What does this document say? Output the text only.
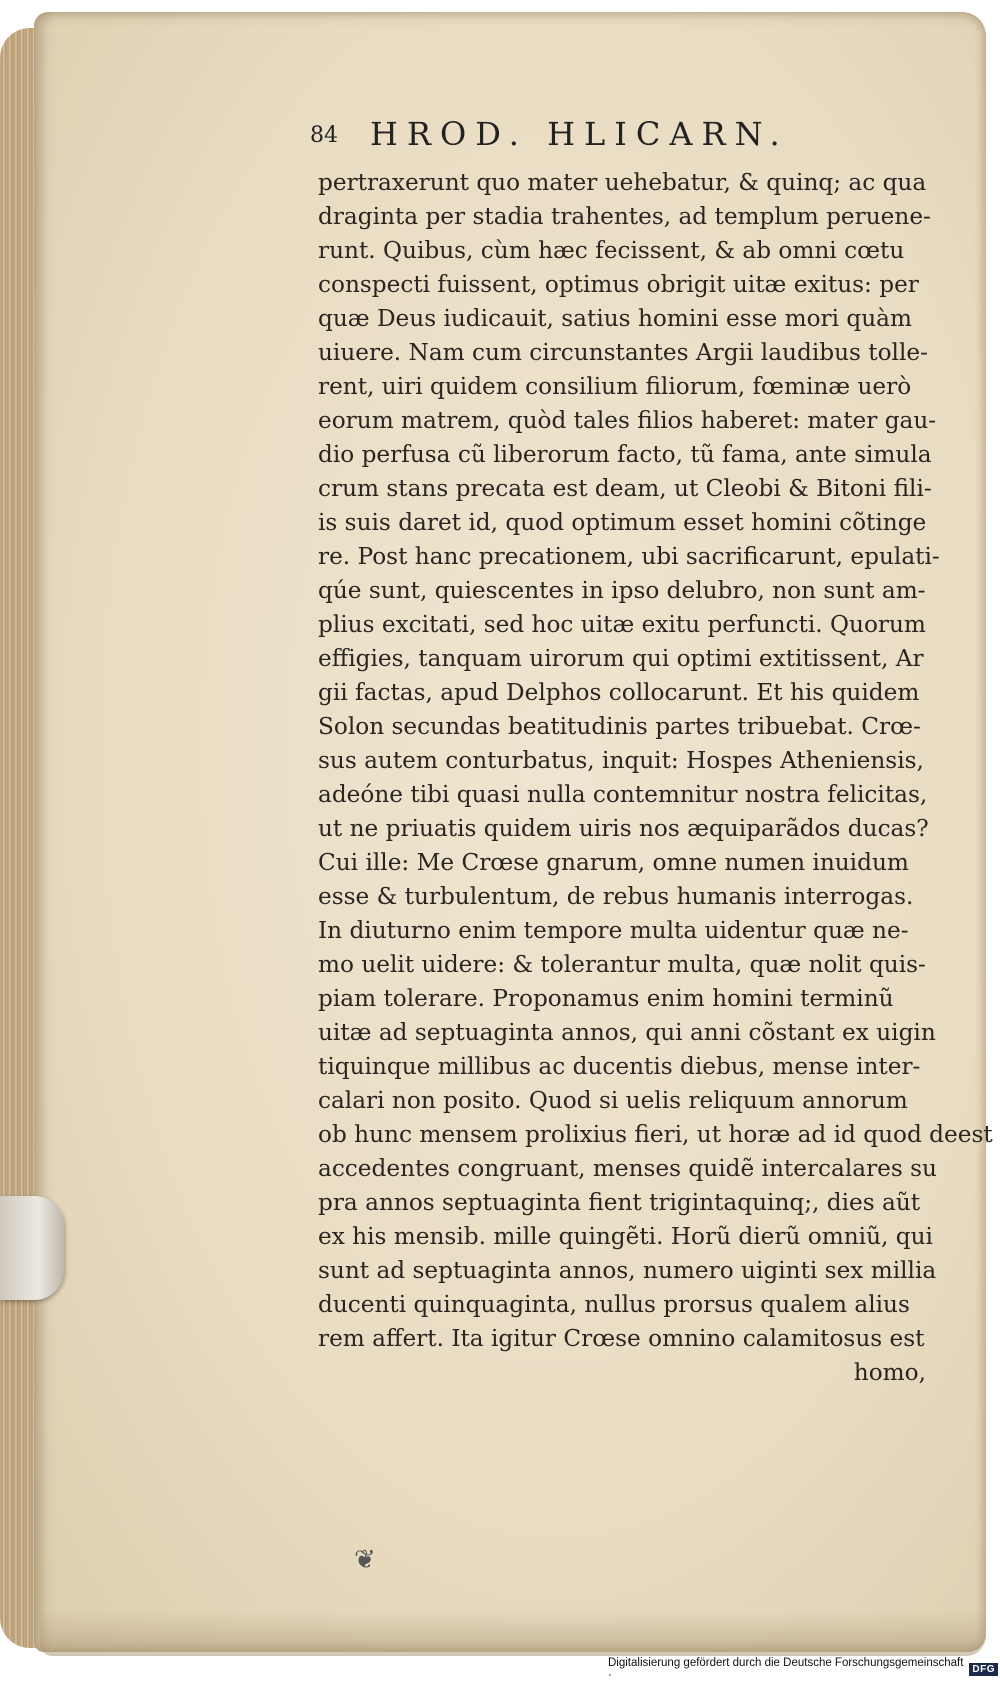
84 HROD. HLICARN.
pertraxerunt quo mater uehebatur, & quinq; ac qua
draginta per stadia trahentes, ad templum peruene-
runt. Quibus, cùm hæc fecissent, & ab omni cœtu
conspecti fuissent, optimus obrigit uitæ exitus: per
quæ Deus iudicauit, satius homini esse mori quàm
uiuere. Nam cum circunstantes Argii laudibus tolle-
rent, uiri quidem consilium filiorum, fœminæ uerò
eorum matrem, quòd tales filios haberet: mater gau-
dio perfusa cũ liberorum facto, tũ fama, ante simula
crum stans precata est deam, ut Cleobi & Bitoni fili-
is suis daret id, quod optimum esset homini cõtinge
re. Post hanc precationem, ubi sacrificarunt, epulati-
qúe sunt, quiescentes in ipso delubro, non sunt am-
plius excitati, sed hoc uitæ exitu perfuncti. Quorum
effigies, tanquam uirorum qui optimi extitissent, Ar
gii factas, apud Delphos collocarunt. Et his quidem
Solon secundas beatitudinis partes tribuebat. Crœ-
sus autem conturbatus, inquit: Hospes Atheniensis,
adeóne tibi quasi nulla contemnitur nostra felicitas,
ut ne priuatis quidem uiris nos æquiparãdos ducas?
Cui ille: Me Crœse gnarum, omne numen inuidum
esse & turbulentum, de rebus humanis interrogas.
In diuturno enim tempore multa uidentur quæ ne-
mo uelit uidere: & tolerantur multa, quæ nolit quis-
piam tolerare. Proponamus enim homini terminũ
uitæ ad septuaginta annos, qui anni cõstant ex uigin
tiquinque millibus ac ducentis diebus, mense inter-
calari non posito. Quod si uelis reliquum annorum
ob hunc mensem prolixius fieri, ut horæ ad id quod deest
accedentes congruant, menses quidẽ intercalares su
pra annos septuaginta fient trigintaquinq;, dies aũt
ex his mensib. mille quingẽti. Horũ dierũ omniũ, qui
sunt ad septuaginta annos, numero uiginti sex millia
ducenti quinquaginta, nullus prorsus qualem alius
rem affert. Ita igitur Crœse omnino calamitosus est
homo,
❦
Digitalisierung gefördert durch die Deutsche Forschungsgemeinschaft ·	DFG
